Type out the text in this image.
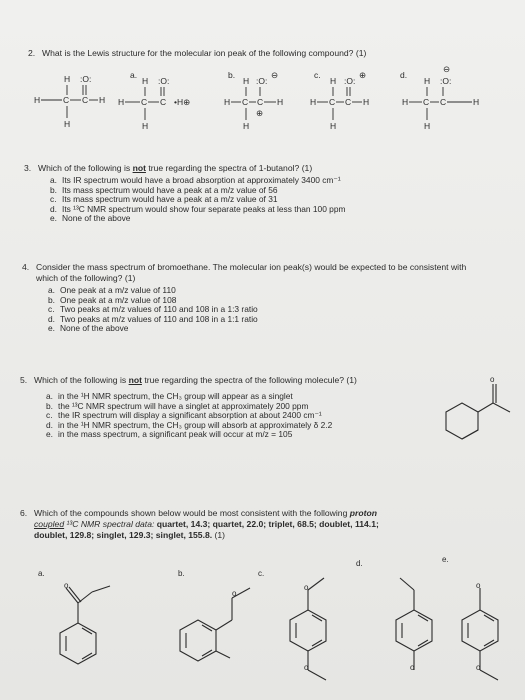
2. What is the Lewis structure for the molecular ion peak of the following compound? (1)
H :O:
H	C C H
H
a.
H :O:
H C C •H⊕
H
b.
H :O:
⊖
H C C H
⊕
H
c.
H :O:
⊕
H C C H
H
d.
⊖
H :O:
H C C	H
H
3. Which of the following is not true regarding the spectra of 1-butanol? (1)
a. Its IR spectrum would have a broad absorption at approximately 3400 cm⁻¹
b. Its mass spectrum would have a peak at a m/z value of 56
c. Its mass spectrum would have a peak at a m/z value of 31
d. Its ¹³C NMR spectrum would show four separate peaks at less than 100 ppm
e. None of the above
4. Consider the mass spectrum of bromoethane. The molecular ion peak(s) would be expected to be consistent with which of the following? (1)
a. One peak at a m/z value of 110
b. One peak at a m/z value of 108
c. Two peaks at m/z values of 110 and 108 in a 1:3 ratio
d. Two peaks at m/z values of 110 and 108 in a 1:1 ratio
e. None of the above
5. Which of the following is not true regarding the spectra of the following molecule? (1)
a. in the ¹H NMR spectrum, the CH₃ group will appear as a singlet
b. the ¹³C NMR spectrum will have a singlet at approximately 200 ppm
c. the IR spectrum will display a significant absorption at about 2400 cm⁻¹
d. in the ¹H NMR spectrum, the CH₃ group will absorb at approximately δ 2.2
e. in the mass spectrum, a significant peak will occur at m/z = 105
o
6. Which of the compounds shown below would be most consistent with the following proton
coupled ¹³C NMR spectral data: quartet, 14.3; quartet, 22.0; triplet, 68.5; doublet, 114.1;
doublet, 129.8; singlet, 129.3; singlet, 155.8. (1)
a.
o
b.
o
c.
o
o
d.
o
e.
o
o
